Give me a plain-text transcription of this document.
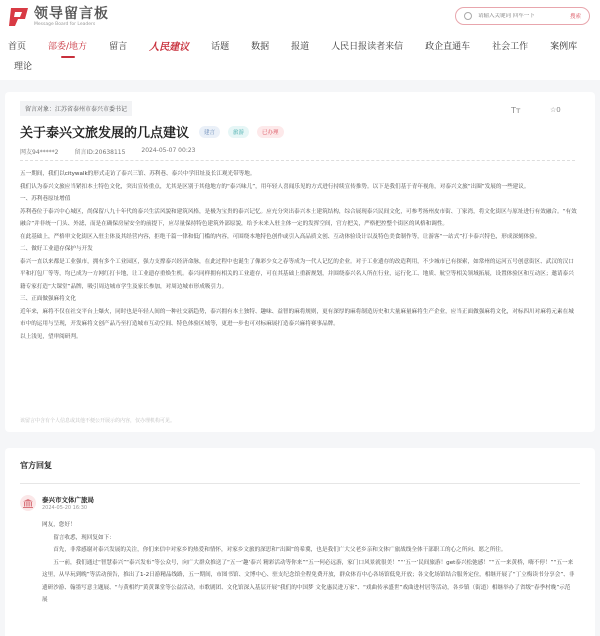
领导留言板
Message Board for Leaders
请输入关键词 回车一下
搜索
首页 部委/地方 留言 人民建议 话题 数据 报道 人民日报读者来信 政企直通车 社会工作 案例库
理论
留言对象：江苏省泰州市泰兴市委书记
关于泰兴文旅发展的几点建议	建言	旅游	已办理
Tт	☆0
网友94*****2	留言ID:20638115	2024-05-07 00:23

五一期间，我们以citywalk的形式走访了泰兴三馆、苏利巷、泰兴中学旧址及长江观光带等地。

我们认为泰兴文旅应当紧扣本土特色文化，突出宣传重点，尤其是区别于其他地方的“泰兴味儿”，用年轻人喜闻乐见的方式进行持续宣传推势。以下是我们基于青年视角，对泰兴文旅“出圈”发展的一些建议。

一、苏利巷原址增值

苏利巷位于泰兴中心城区，尚保留八九十年代的泰兴生活风貌和建筑风格，是极为宝贵的泰兴记忆。应充分突出泰兴本土建筑结构，综合展现泰兴民间文化，可参考扬州皮市街、丁家湾，将文化街区与原址进行有效融合。“有效融合”并非统一门头、外滤，而是在确保房屋安全的前提下，应尽量保持特色建筑外部原貌，给予未来入驻主体一定的发挥空间，官方把关，严格把控整个街区的风格和调性。

在此基础上，严格审文化街区入驻主体及其经营内容，拒绝千篇一律和低门槛的内容，可围绕本地特色创作或引入高品质文创、互动体验设计以及特色美食制作等，让游客“一站式”打卡泰兴特色，形成深刻体验。

二、做好工业遗存保护与开发

泰兴一直以来都是工业强市，拥有多个工业园区，强力支撑泰兴经济命脉，在此过程中也诞生了像彩少女之春等成为一代人记忆的企业。对于工业遗存的改造利用，不少城市已有探索，如常州的运河五号创意街区、武汉的汉口平和打包厂等等，均已成为一方网红打卡地，让工业遗存重焕生机。泰兴同样拥有相关的工业遗存，可在其基础上重新规划，并围绕泰兴名人所在行业，运行化工、地质、航空等相关领域拓展，设置体验区和互动区；邀请泰兴籍专家打造“大课堂”品牌，吸引周边城市学生及家长参加，对周边城市形成吸引力。

三、正面做强麻将文化

近年来，麻将不仅在社交平台上爆火，同时也是年轻人间的一种社交新趋势，泰兴拥有本土独特、趣味、益智的麻将规则，更有深厚的麻将制造历史和大量麻量麻将生产企业，应当正面做强麻将文化，对标四川对麻将元素在城市中的运用与呈现，开发麻将文创产品乃至打造城市互动空间、特色体验区域等，更进一步也可对标麻展打造泰兴麻将赛事品牌。

以上浅见，望审阅研判。

该留言中含有个人信息或其他不便公开展示的内容，仅办理机构可见。
官方回复
泰兴市文体广旅局
2024-05-20 16:30

网友，您好！

留言收悉，现回复如下：

首先，非常感谢对泰兴发展的关注，你们来信中对家乡的热爱和情怀，对家乡文旅的深思和“出圈”的希冀，也是我们广大父老乡亲和文体广旅战线全体干部职工的心之所向、愿之所往。

五一前，我们通过“智慧泰兴”“泰兴发布”等公众号，向广大群众推送了“五一‘趣’泰兴 精彩活动等你来”“五一何必远游，家门口风景就很美！”“‘五一’民间旅游！get泰兴松弛感！”“五一来黄桥，嗨不停！”“五一来这里，从早玩到晚”等活动预告，推出了1-2日游精品线路，五一期间，市图书馆、文博中心、驻支纪念馆全程免费开放，群众体育中心各场馆低免开放；各文化场馆结合服务定位，相继开展了“丁立梅读书分享会”、非遗研沙游、翰墨写意主题展、“与黄相约”黄黄课堂等公益活动，市歌剧团、文化馆深入基层开展“我们的中国梦 文化惠民进万家”、“戏曲传承盛世”戏曲进村居等活动，各乡镇（街道）相继举办了省级“春季村晚”示范展
